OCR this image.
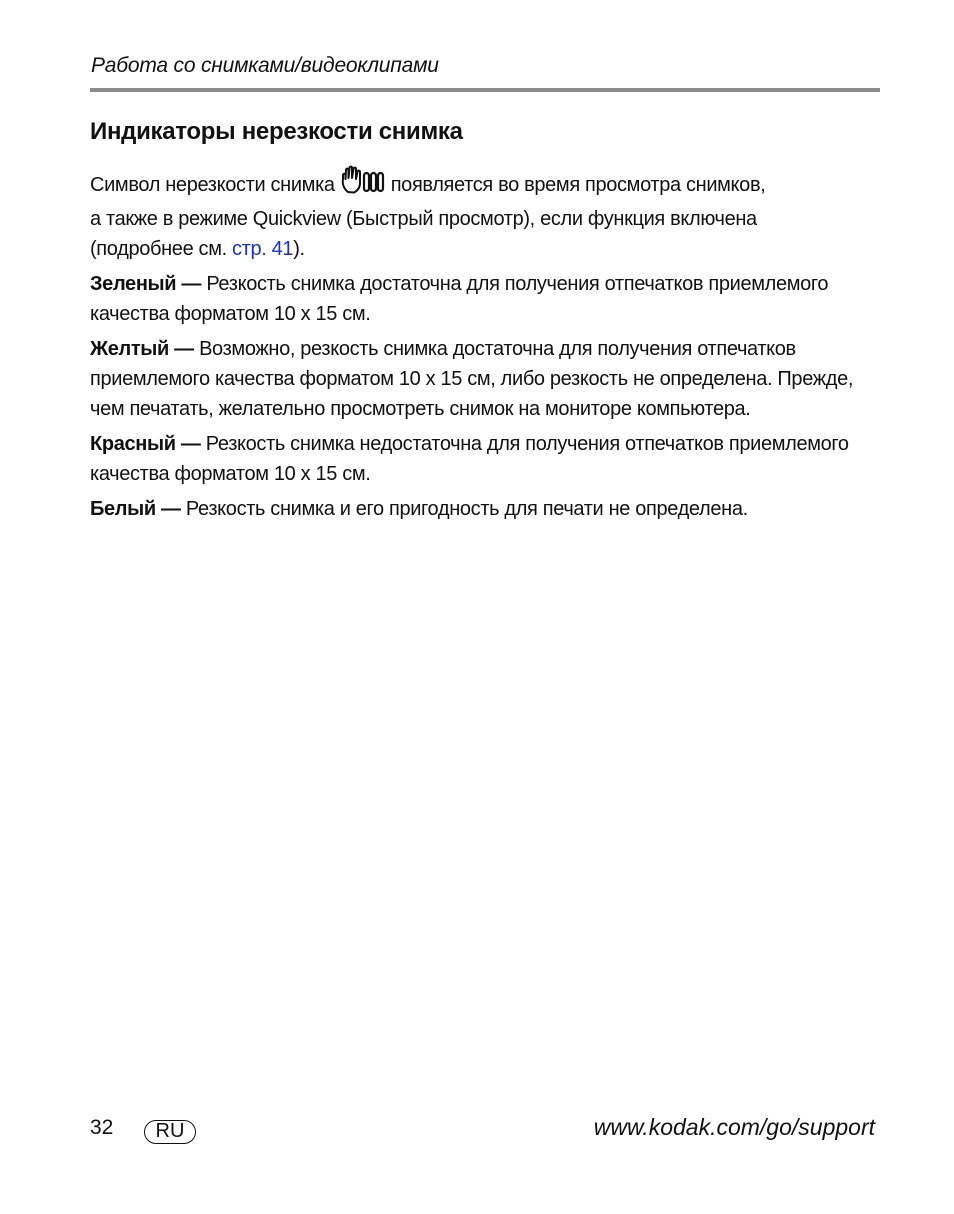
Работа со снимками/видеоклипами
Индикаторы нерезкости снимка

Символ нерезкости снимка	появляется во время просмотра снимков,
а также в режиме Quickview (Быстрый просмотр), если функция включена
(подробнее см. стр. 41).

Зеленый — Резкость снимка достаточна для получения отпечатков приемлемого качества форматом 10 x 15 см.

Желтый — Возможно, резкость снимка достаточна для получения отпечатков приемлемого качества форматом 10 x 15 см, либо резкость не определена. Прежде, чем печатать, желательно просмотреть снимок на мониторе компьютера.

Красный — Резкость снимка недостаточна для получения отпечатков приемлемого качества форматом 10 x 15 см.

Белый — Резкость снимка и его пригодность для печати не определена.

32	RU	www.kodak.com/go/support
